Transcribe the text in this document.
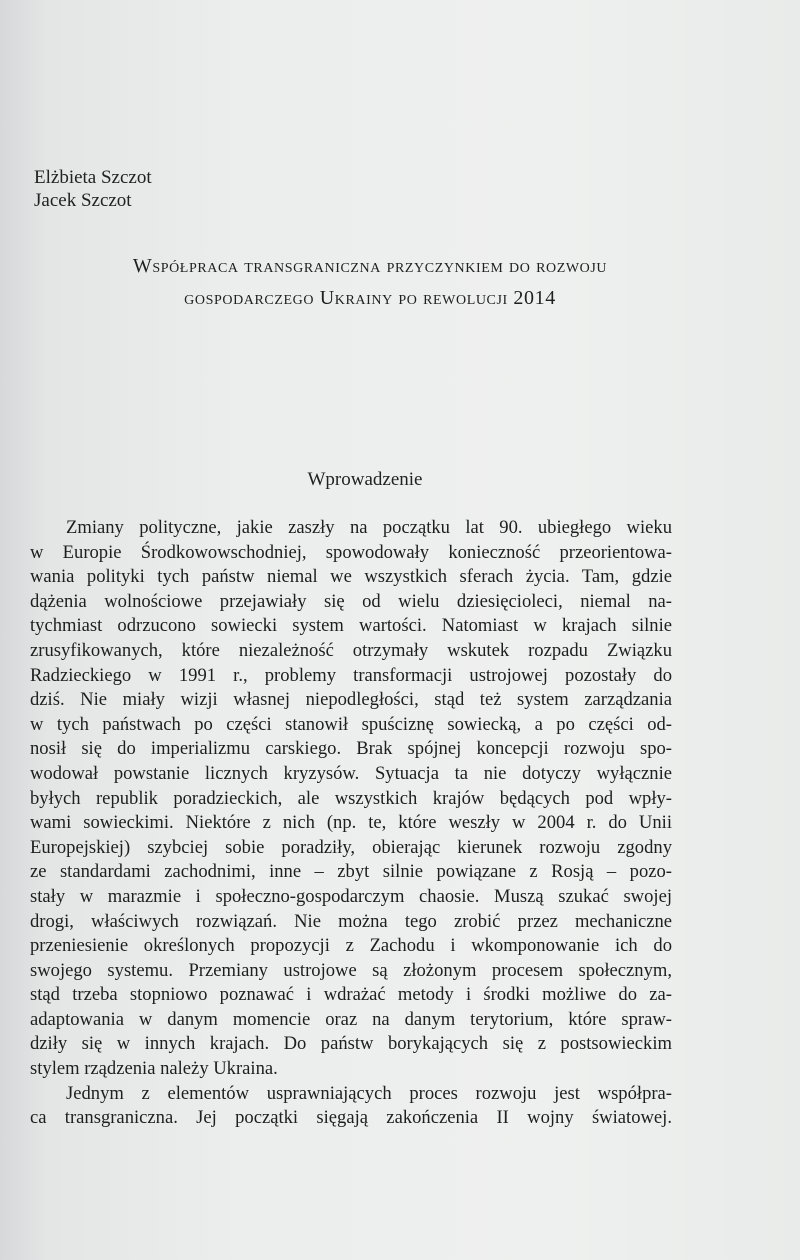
Elżbieta Szczot
Jacek Szczot
Współpraca transgraniczna przyczynkiem do rozwoju
gospodarczego Ukrainy po rewolucji 2014
Wprowadzenie
Zmiany polityczne, jakie zaszły na początku lat 90. ubiegłego wieku
w Europie Środkowowschodniej, spowodowały konieczność przeorientowa-
wania polityki tych państw niemal we wszystkich sferach życia. Tam, gdzie
dążenia wolnościowe przejawiały się od wielu dziesięcioleci, niemal na-
tychmiast odrzucono sowiecki system wartości. Natomiast w krajach silnie
zrusyfikowanych, które niezależność otrzymały wskutek rozpadu Związku
Radzieckiego w 1991 r., problemy transformacji ustrojowej pozostały do
dziś. Nie miały wizji własnej niepodległości, stąd też system zarządzania
w tych państwach po części stanowił spuściznę sowiecką, a po części od-
nosił się do imperializmu carskiego. Brak spójnej koncepcji rozwoju spo-
wodował powstanie licznych kryzysów. Sytuacja ta nie dotyczy wyłącznie
byłych republik poradzieckich, ale wszystkich krajów będących pod wpły-
wami sowieckimi. Niektóre z nich (np. te, które weszły w 2004 r. do Unii
Europejskiej) szybciej sobie poradziły, obierając kierunek rozwoju zgodny
ze standardami zachodnimi, inne – zbyt silnie powiązane z Rosją – pozo-
stały w marazmie i społeczno-gospodarczym chaosie. Muszą szukać swojej
drogi, właściwych rozwiązań. Nie można tego zrobić przez mechaniczne
przeniesienie określonych propozycji z Zachodu i wkomponowanie ich do
swojego systemu. Przemiany ustrojowe są złożonym procesem społecznym,
stąd trzeba stopniowo poznawać i wdrażać metody i środki możliwe do za-
adaptowania w danym momencie oraz na danym terytorium, które spraw-
dziły się w innych krajach. Do państw borykających się z postsowieckim
stylem rządzenia należy Ukraina.
Jednym z elementów usprawniających proces rozwoju jest współpra-
ca transgraniczna. Jej początki sięgają zakończenia II wojny światowej.
